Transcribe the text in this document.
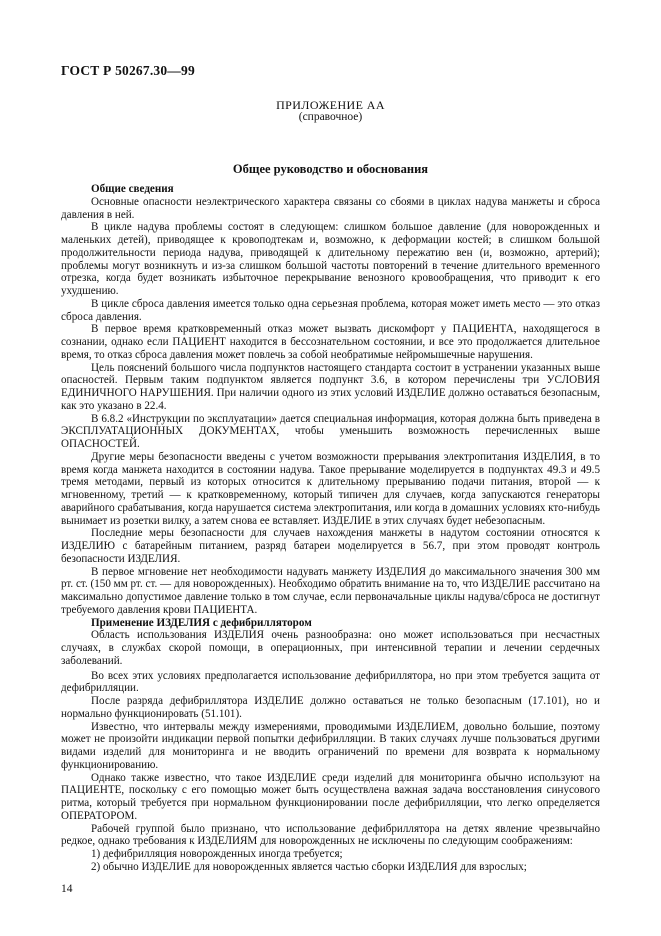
ГОСТ Р 50267.30—99
ПРИЛОЖЕНИЕ АА
(справочное)
Общее руководство и обоснования

Общие сведения

Основные опасности неэлектрического характера связаны со сбоями в циклах надува манжеты и сброса давления в ней.

В цикле надува проблемы состоят в следующем: слишком большое давление (для новорожденных и маленьких детей), приводящее к кровоподтекам и, возможно, к деформации костей; в слишком большой продолжительности периода надува, приводящей к длительному пережатию вен (и, возможно, артерий); проблемы могут возникнуть и из-за слишком большой частоты повторений в течение длительного временного отрезка, когда будет возникать избыточное перекрывание венозного кровообращения, что приводит к его ухудшению.

В цикле сброса давления имеется только одна серьезная проблема, которая может иметь место — это отказ сброса давления.

В первое время кратковременный отказ может вызвать дискомфорт у ПАЦИЕНТА, находящегося в сознании, однако если ПАЦИЕНТ находится в бессознательном состоянии, и все это продолжается длительное время, то отказ сброса давления может повлечь за собой необратимые нейромышечные нарушения.

Цель пояснений большого числа подпунктов настоящего стандарта состоит в устранении указанных выше опасностей. Первым таким подпунктом является подпункт 3.6, в котором перечислены три УСЛОВИЯ ЕДИНИЧНОГО НАРУШЕНИЯ. При наличии одного из этих условий ИЗДЕЛИЕ должно оставаться безопасным, как это указано в 22.4.

В 6.8.2 «Инструкции по эксплуатации» дается специальная информация, которая должна быть приведена в ЭКСПЛУАТАЦИОННЫХ ДОКУМЕНТАХ, чтобы уменьшить возможность перечисленных выше ОПАСНОСТЕЙ.

Другие меры безопасности введены с учетом возможности прерывания электропитания ИЗДЕЛИЯ, в то время когда манжета находится в состоянии надува. Такое прерывание моделируется в подпунктах 49.3 и 49.5 тремя методами, первый из которых относится к длительному прерыванию подачи питания, второй — к мгновенному, третий — к кратковременному, который типичен для случаев, когда запускаются генераторы аварийного срабатывания, когда нарушается система электропитания, или когда в домашних условиях кто-нибудь вынимает из розетки вилку, а затем снова ее вставляет. ИЗДЕЛИЕ в этих случаях будет небезопасным.

Последние меры безопасности для случаев нахождения манжеты в надутом состоянии относятся к ИЗДЕЛИЮ с батарейным питанием, разряд батареи моделируется в 56.7, при этом проводят контроль безопасности ИЗДЕЛИЯ.

В первое мгновение нет необходимости надувать манжету ИЗДЕЛИЯ до максимального значения 300 мм рт. ст. (150 мм рт. ст. — для новорожденных). Необходимо обратить внимание на то, что ИЗДЕЛИЕ рассчитано на максимально допустимое давление только в том случае, если первоначальные циклы надува/сброса не достигнут требуемого давления крови ПАЦИЕНТА.

Применение ИЗДЕЛИЯ с дефибриллятором

Область использования ИЗДЕЛИЯ очень разнообразна: оно может использоваться при несчастных случаях, в службах скорой помощи, в операционных, при интенсивной терапии и лечении сердечных заболеваний.

Во всех этих условиях предполагается использование дефибриллятора, но при этом требуется защита от дефибрилляции.

После разряда дефибриллятора ИЗДЕЛИЕ должно оставаться не только безопасным (17.101), но и нормально функционировать (51.101).

Известно, что интервалы между измерениями, проводимыми ИЗДЕЛИЕМ, довольно большие, поэтому может не произойти индикации первой попытки дефибрилляции. В таких случаях лучше пользоваться другими видами изделий для мониторинга и не вводить ограничений по времени для возврата к нормальному функционированию.

Однако также известно, что такое ИЗДЕЛИЕ среди изделий для мониторинга обычно используют на ПАЦИЕНТЕ, поскольку с его помощью может быть осуществлена важная задача восстановления синусового ритма, который требуется при нормальном функционировании после дефибрилляции, что легко определяется ОПЕРАТОРОМ.

Рабочей группой было признано, что использование дефибриллятора на детях явление чрезвычайно редкое, однако требования к ИЗДЕЛИЯМ для новорожденных не исключены по следующим соображениям:

1) дефибрилляция новорожденных иногда требуется;

2) обычно ИЗДЕЛИЕ для новорожденных является частью сборки ИЗДЕЛИЯ для взрослых;

14
